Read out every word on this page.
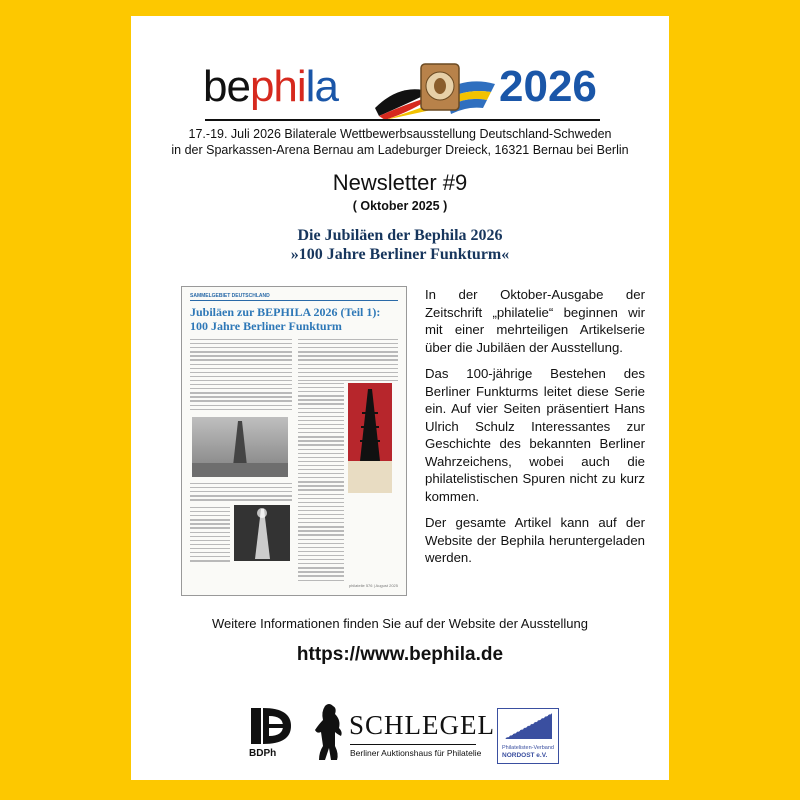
bephila	2026
17.-19. Juli 2026 Bilaterale Wettbewerbsausstellung Deutschland-Schweden
in der Sparkassen-Arena Bernau am Ladeburger Dreieck, 16321 Bernau bei Berlin
Newsletter #9
( Oktober 2025 )
Die Jubiläen der Bephila 2026
»100 Jahre Berliner Funkturm«
SAMMELGEBIET DEUTSCHLAND
Jubiläen zur BEPHILA 2026 (Teil 1):
100 Jahre Berliner Funkturm
philatelie 576 | August 2025

In der Oktober-Ausgabe der Zeitschrift „philatelie“ beginnen wir mit einer mehrteiligen Artikelserie über die Jubiläen der Ausstellung.

Das 100-jährige Bestehen des Berliner Funkturms leitet diese Serie ein. Auf vier Seiten präsentiert Hans Ulrich Schulz Interessantes zur Geschichte des bekannten Berliner Wahrzeichens, wobei auch die philatelistischen Spuren nicht zu kurz kommen.

Der gesamte Artikel kann auf der Website der Bephila heruntergeladen werden.

Weitere Informationen finden Sie auf der Website der Ausstellung
https://www.bephila.de
BDPh
SCHLEGEL
Berliner Auktionshaus für Philatelie	Philatelisten-Verband
NORDOST e.V.
